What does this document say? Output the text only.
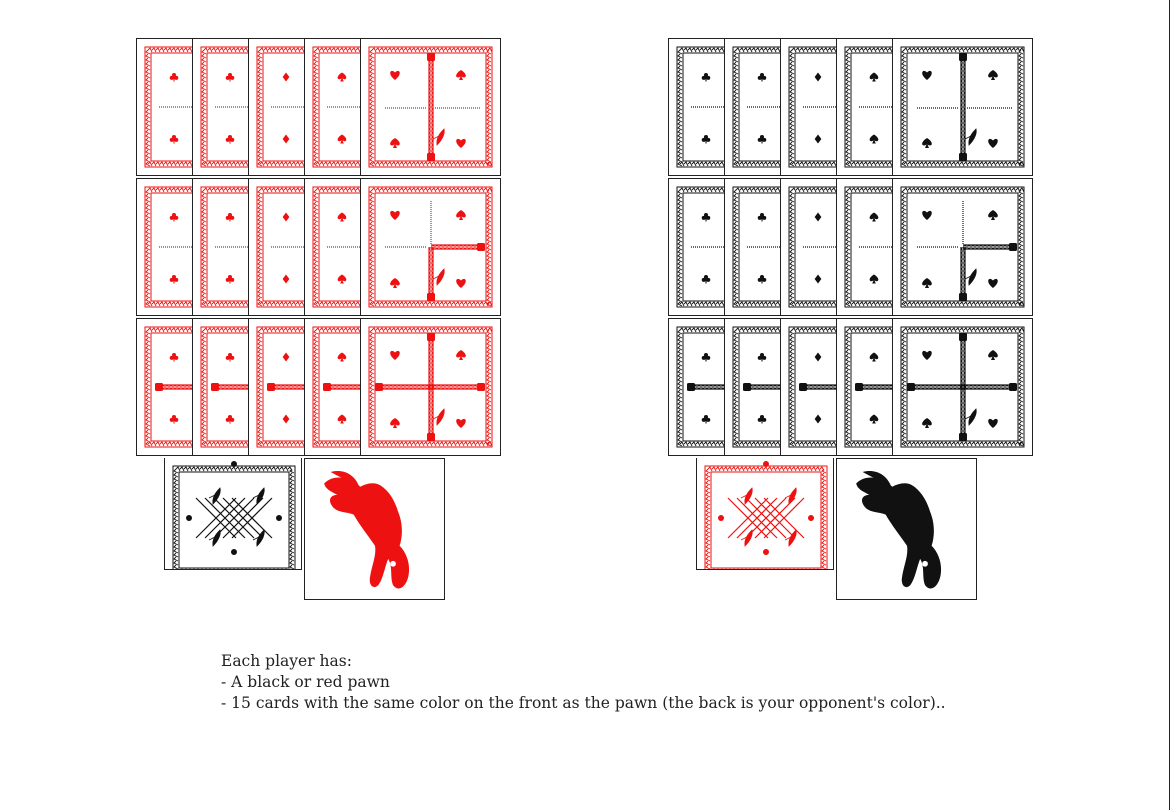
Each player has:
- A black or red pawn
- 15 cards with the same color on the front as the pawn (the back is your opponent's color)..
